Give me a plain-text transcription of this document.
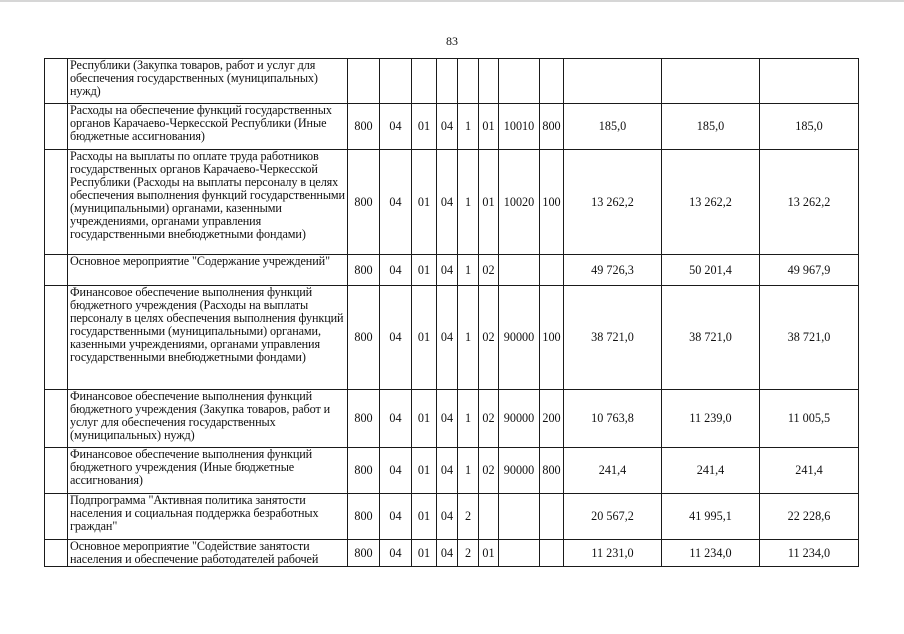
83
	Республики (Закупка товаров, работ и услуг для обеспечения государственных (муниципальных) нужд)											
	Расходы на обеспечение функций государственных органов Карачаево-Черкесской Республики (Иные бюджетные ассигнования)	800	04	01	04	1	01	10010	800	185,0	185,0	185,0
	Расходы на выплаты по оплате труда работников государственных органов Карачаево-Черкесской Республики (Расходы на выплаты персоналу в целях обеспечения выполнения функций государственными (муниципальными) органами, казенными учреждениями, органами управления государственными внебюджетными фондами)	800	04	01	04	1	01	10020	100	13 262,2	13 262,2	13 262,2
	Основное мероприятие "Содержание учреждений"	800	04	01	04	1	02			49 726,3	50 201,4	49 967,9
	Финансовое обеспечение выполнения функций бюджетного учреждения (Расходы на выплаты персоналу в целях обеспечения выполнения функций государственными (муниципальными) органами, казенными учреждениями, органами управления государственными внебюджетными фондами)	800	04	01	04	1	02	90000	100	38 721,0	38 721,0	38 721,0
	Финансовое обеспечение выполнения функций бюджетного учреждения (Закупка товаров, работ и услуг для обеспечения государственных (муниципальных) нужд)	800	04	01	04	1	02	90000	200	10 763,8	11 239,0	11 005,5
	Финансовое обеспечение выполнения функций бюджетного учреждения (Иные бюджетные ассигнования)	800	04	01	04	1	02	90000	800	241,4	241,4	241,4
	Подпрограмма "Активная политика занятости населения и социальная поддержка безработных граждан"	800	04	01	04	2				20 567,2	41 995,1	22 228,6
	Основное мероприятие "Содействие занятости населения и обеспечение работодателей рабочей	800	04	01	04	2	01			11 231,0	11 234,0	11 234,0
